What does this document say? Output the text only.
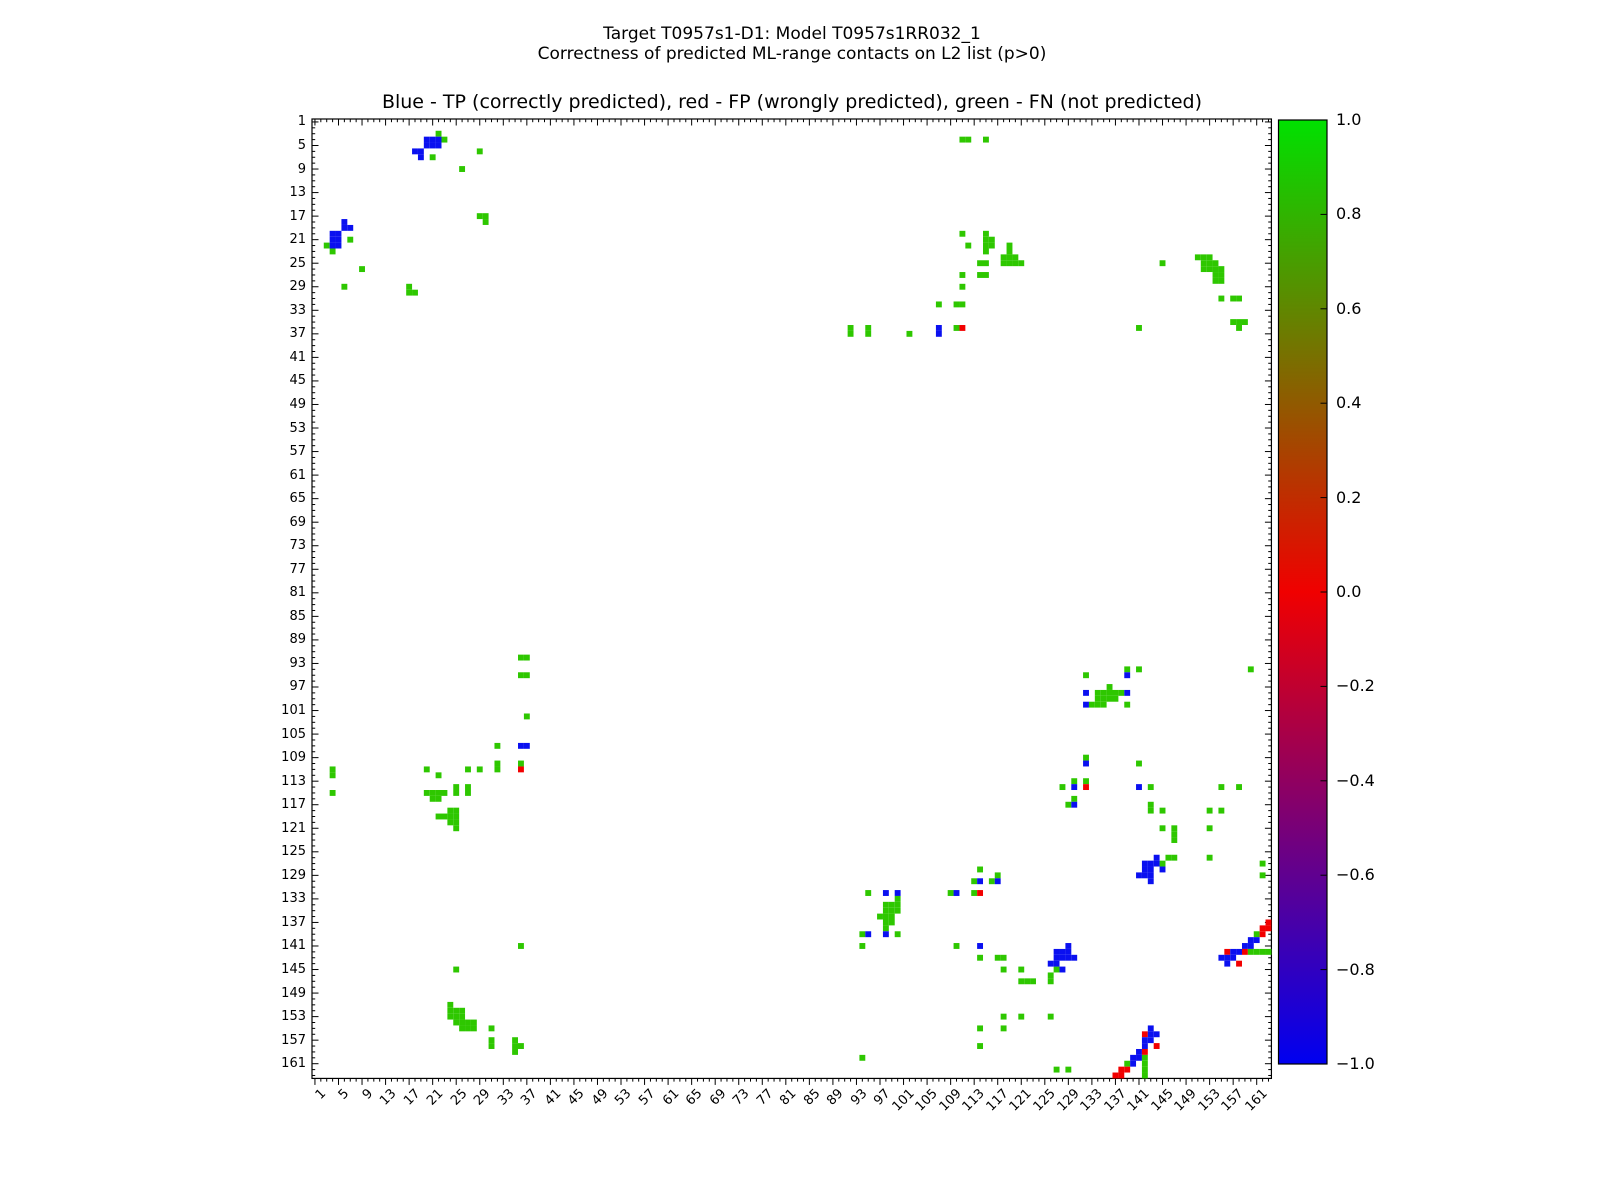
Target T0957s1-D1: Model T0957s1RR032_1
Correctness of predicted ML-range contacts on L2 list (p>0)
Blue - TP (correctly predicted), red - FP (wrongly predicted), green - FN (not predicted)
1
5
9
13
17
21
25
29
33
37
41
45
49
53
57
61
65
69
73
77
81
85
89
93
97
101
105
109
113
117
121
125
129
133
137
141
145
149
153
157
161
1 5 9 13 17 21 25 29 33 37 41 45 49 53 57 61 65 69 73 77 81 85 89 93 97
101
105
109
113
117
121
125
129
133
137
141
145
149
153
157
161
1.0
0.8
0.6
0.4
0.2
0.0
−0.2
−0.4
−0.6
−0.8
−1.0
